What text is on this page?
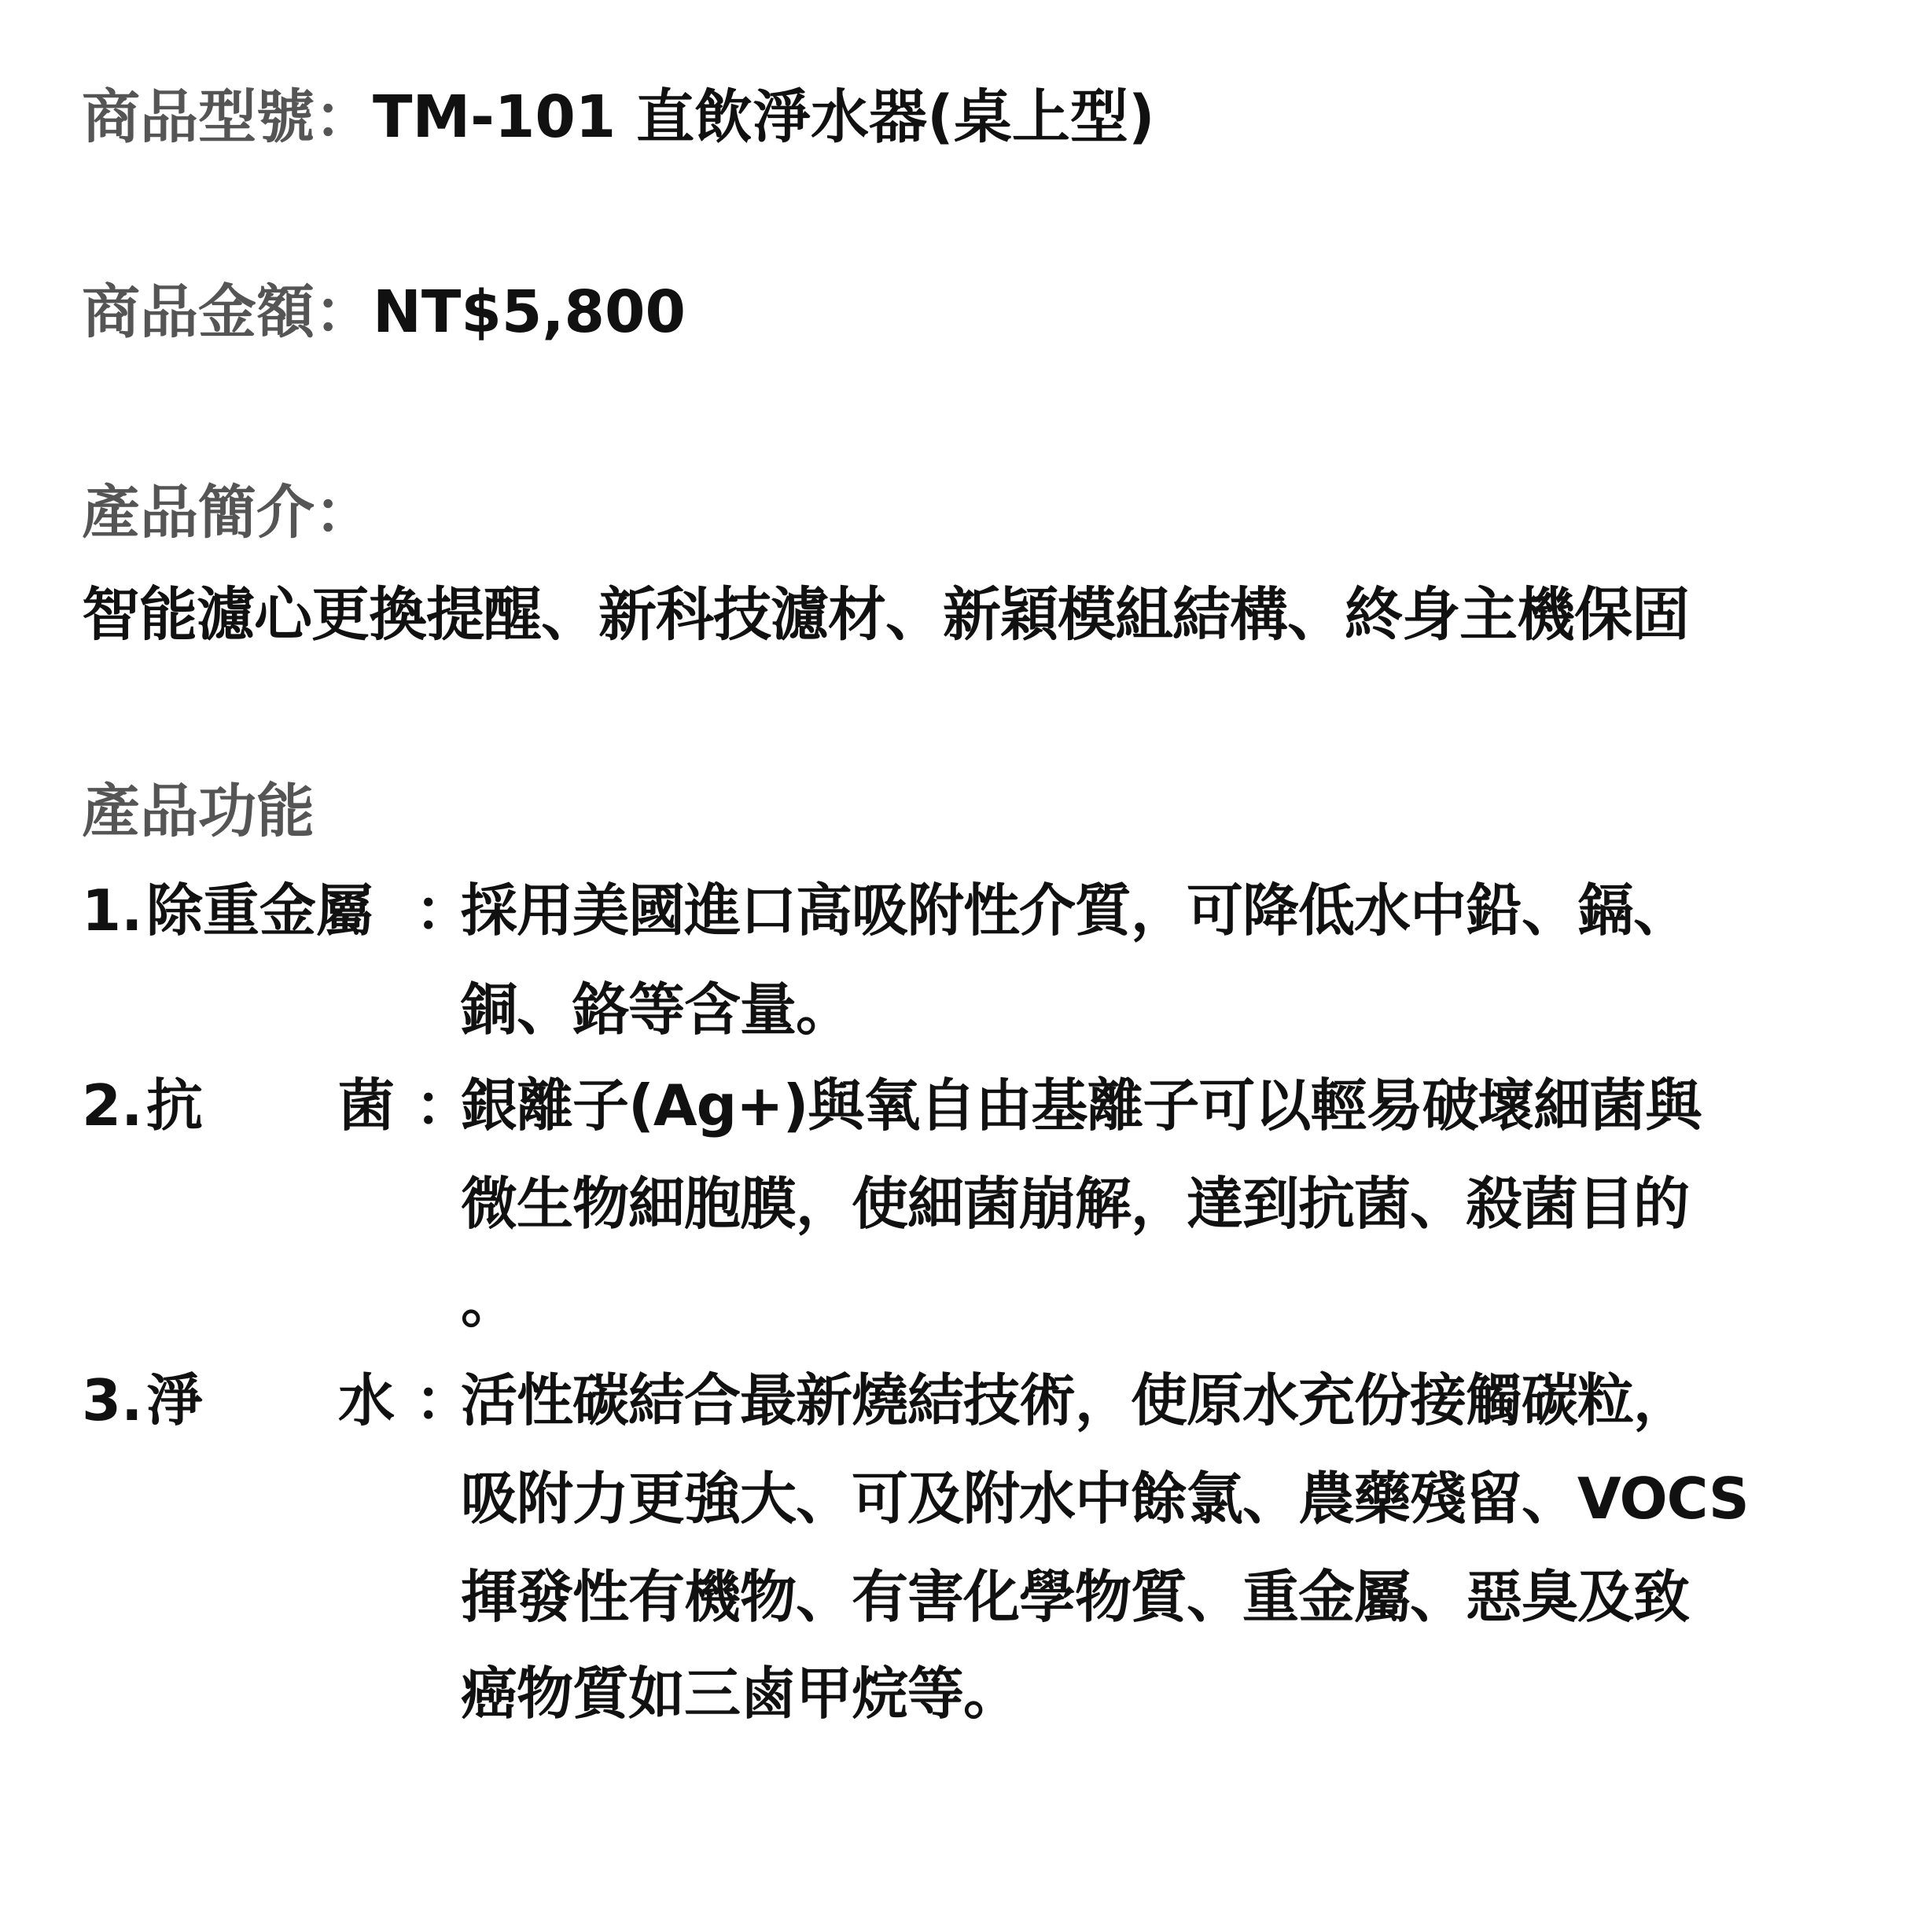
商品型號：TM-101 直飲淨水器(桌上型)
商品金額：NT$5,800
產品簡介：
智能濾心更換提醒、新科技濾材、新穎模組結構、終身主機保固
產品功能
1. 除重金屬 ：
採用美國進口高吸附性介質，可降低水中鉛、鎘、
銅、鉻等含量。
2. 抗 菌 ：
銀離子(Ag+)與氧自由基離子可以輕易破壞細菌與
微生物細胞膜，使細菌崩解，達到抗菌、殺菌目的
。
3. 淨 水 ：
活性碳結合最新燒結技術，使原水充份接觸碳粒，
吸附力更強大、可及附水中餘氯、農藥殘留、VOCS
揮發性有機物、有害化學物質、重金屬、惡臭及致
癌物質如三鹵甲烷等。
